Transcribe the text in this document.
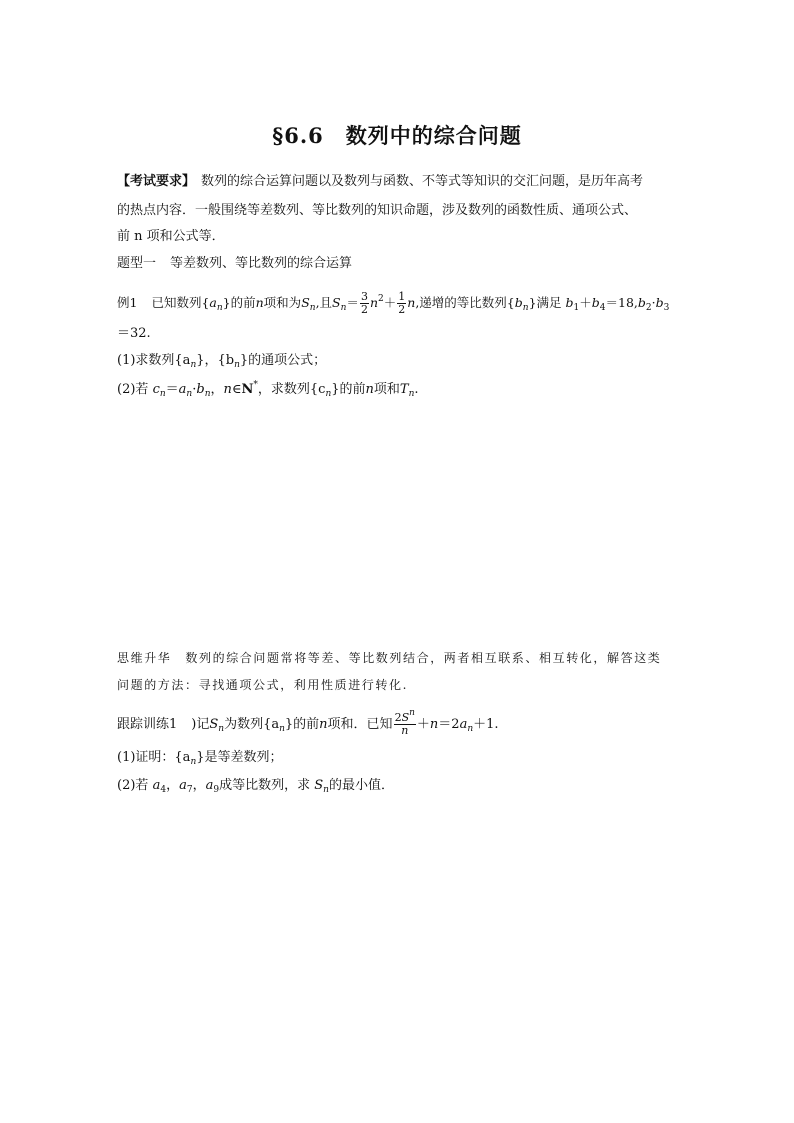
§6.6 数列中的综合问题
【考试要求】 数列的综合运算问题以及数列与函数、不等式等知识的交汇问题，是历年高考
的热点内容．一般围绕等差数列、等比数列的知识命题，涉及数列的函数性质、通项公式、
前 n 项和公式等．
题型一 等差数列、等比数列的综合运算
例1 已知数列$\{a_n\}$的前n项和为$S_n$,且$S_n= \frac{3}{2} n^2+ \frac{1}{2} n$,递增的等比数列$\{b_n\}$满足 $b_1+b_4=18,b_2\cdot b_3$
＝32.
(1)求数列$\{a_n\}$，$\{b_n\}$的通项公式；
(2)若 $c_n=a_n\cdot b_n$，n∈N*，求数列$\{c_n\}$的前n项和$T_n$.
思维升华 数列的综合问题常将等差、等比数列结合，两者相互联系、相互转化，解答这类
问题的方法：寻找通项公式，利用性质进行转化.
跟踪训练1 )记$S_n$为数列$\{a_n\}$的前n项和．已知 $\frac{2S^n}{n} +n=2a_n+1$.
(1)证明：$\{a_n\}$是等差数列；
(2)若 $a_4$，$a_7$，$a_9$成等比数列，求 $S_n$的最小值．
